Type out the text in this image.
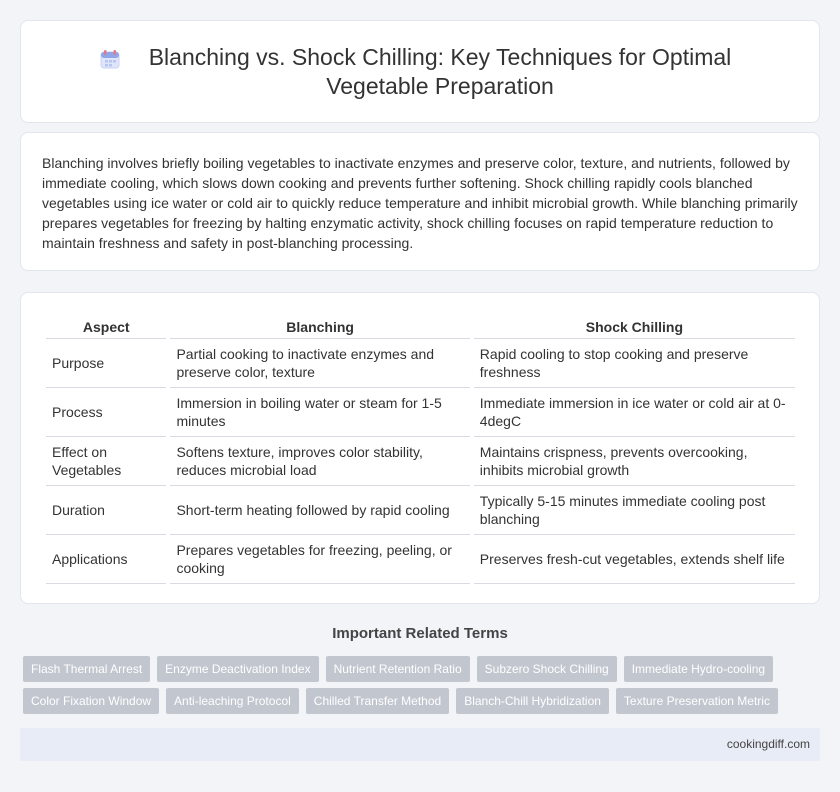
Blanching vs. Shock Chilling: Key Techniques for Optimal Vegetable Preparation

Blanching involves briefly boiling vegetables to inactivate enzymes and preserve color, texture, and nutrients, followed by immediate cooling, which slows down cooking and prevents further softening. Shock chilling rapidly cools blanched vegetables using ice water or cold air to quickly reduce temperature and inhibit microbial growth. While blanching primarily prepares vegetables for freezing by halting enzymatic activity, shock chilling focuses on rapid temperature reduction to maintain freshness and safety in post-blanching processing.

Aspect	Blanching	Shock Chilling
Purpose	Partial cooking to inactivate enzymes and preserve color, texture	Rapid cooling to stop cooking and preserve freshness
Process	Immersion in boiling water or steam for 1-5 minutes	Immediate immersion in ice water or cold air at 0-4degC
Effect on Vegetables	Softens texture, improves color stability, reduces microbial load	Maintains crispness, prevents overcooking, inhibits microbial growth
Duration	Short-term heating followed by rapid cooling	Typically 5-15 minutes immediate cooling post blanching
Applications	Prepares vegetables for freezing, peeling, or cooking	Preserves fresh-cut vegetables, extends shelf life
Important Related Terms
Flash Thermal Arrest	Enzyme Deactivation Index	Nutrient Retention Ratio	Subzero Shock Chilling	Immediate Hydro-cooling
Color Fixation Window	Anti-leaching Protocol	Chilled Transfer Method	Blanch-Chill Hybridization	Texture Preservation Metric
cookingdiff.com
